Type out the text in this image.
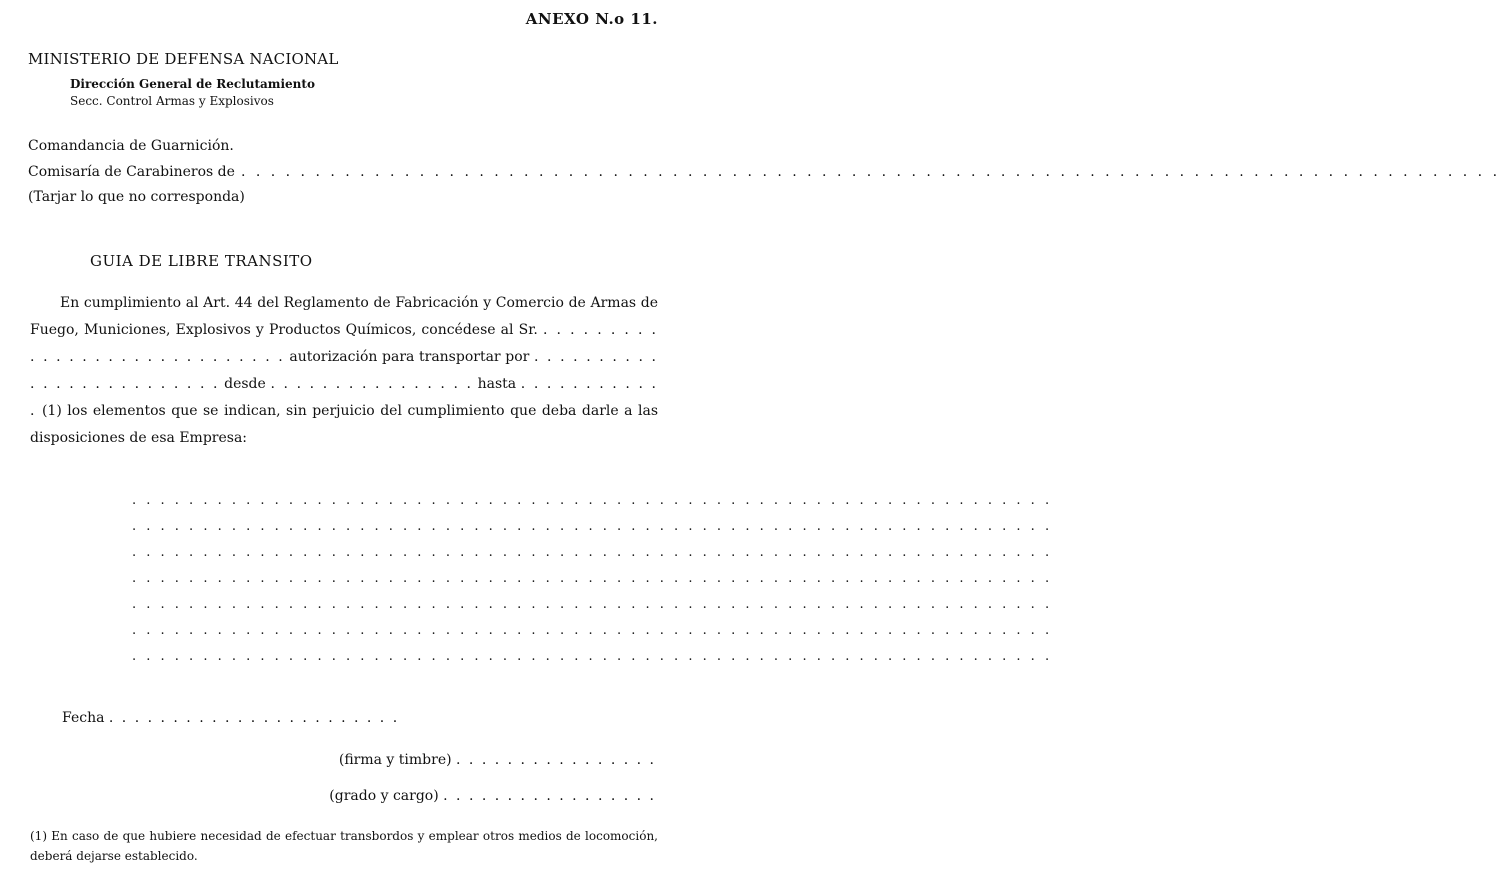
ANEXO N.o 11.
MINISTERIO DE DEFENSA NACIONAL
Dirección General de Reclutamiento
Secc. Control Armas y Explosivos
Comandancia de Guarnición.
Comisaría de Carabineros de
. . .
(Tarjar lo que no corresponda)
GUIA DE LIBRE TRANSITO
En cumplimiento al Art. 44 del Reglamento de Fabricación y Comercio de Armas de Fuego, Municiones, Explosivos y Productos Químicos, concédese al Sr. . . . . . . . . . . . . . . . . . . . . . . . . . . . . . autorización para transportar por . . . . . . . . . . . . . . . . . . . . . . . . . desde . . . . . . . . . . . . . . . . hasta . . . . . . . . . . . . (1) los elementos que se indican, sin perjuicio del cumplimiento que deba darle a las disposiciones de esa Empresa:
. . . . . . . . . . . . . . . . . . . . . . . . . . . . . . . . . . . . . . . . . . . . . . . . . . . . . . . . . . . . . . . . .
. . . . . . . . . . . . . . . . . . . . . . . . . . . . . . . . . . . . . . . . . . . . . . . . . . . . . . . . . . . . . . . . .
. . . . . . . . . . . . . . . . . . . . . . . . . . . . . . . . . . . . . . . . . . . . . . . . . . . . . . . . . . . . . . . . .
. . . . . . . . . . . . . . . . . . . . . . . . . . . . . . . . . . . . . . . . . . . . . . . . . . . . . . . . . . . . . . . . .
. . . . . . . . . . . . . . . . . . . . . . . . . . . . . . . . . . . . . . . . . . . . . . . . . . . . . . . . . . . . . . . . .
. . . . . . . . . . . . . . . . . . . . . . . . . . . . . . . . . . . . . . . . . . . . . . . . . . . . . . . . . . . . . . . . .
. . . . . . . . . . . . . . . . . . . . . . . . . . . . . . . . . . . . . . . . . . . . . . . . . . . . . . . . . . . . . . . . .
Fecha . . . . . . . . . . . . . . . . . . . . . . .
(firma y timbre) . . . . . . . . . . . . . . . .
(grado y cargo) . . . . . . . . . . . . . . . . .
(1) En caso de que hubiere necesidad de efectuar transbordos y emplear otros medios de locomoción, deberá dejarse establecido.
